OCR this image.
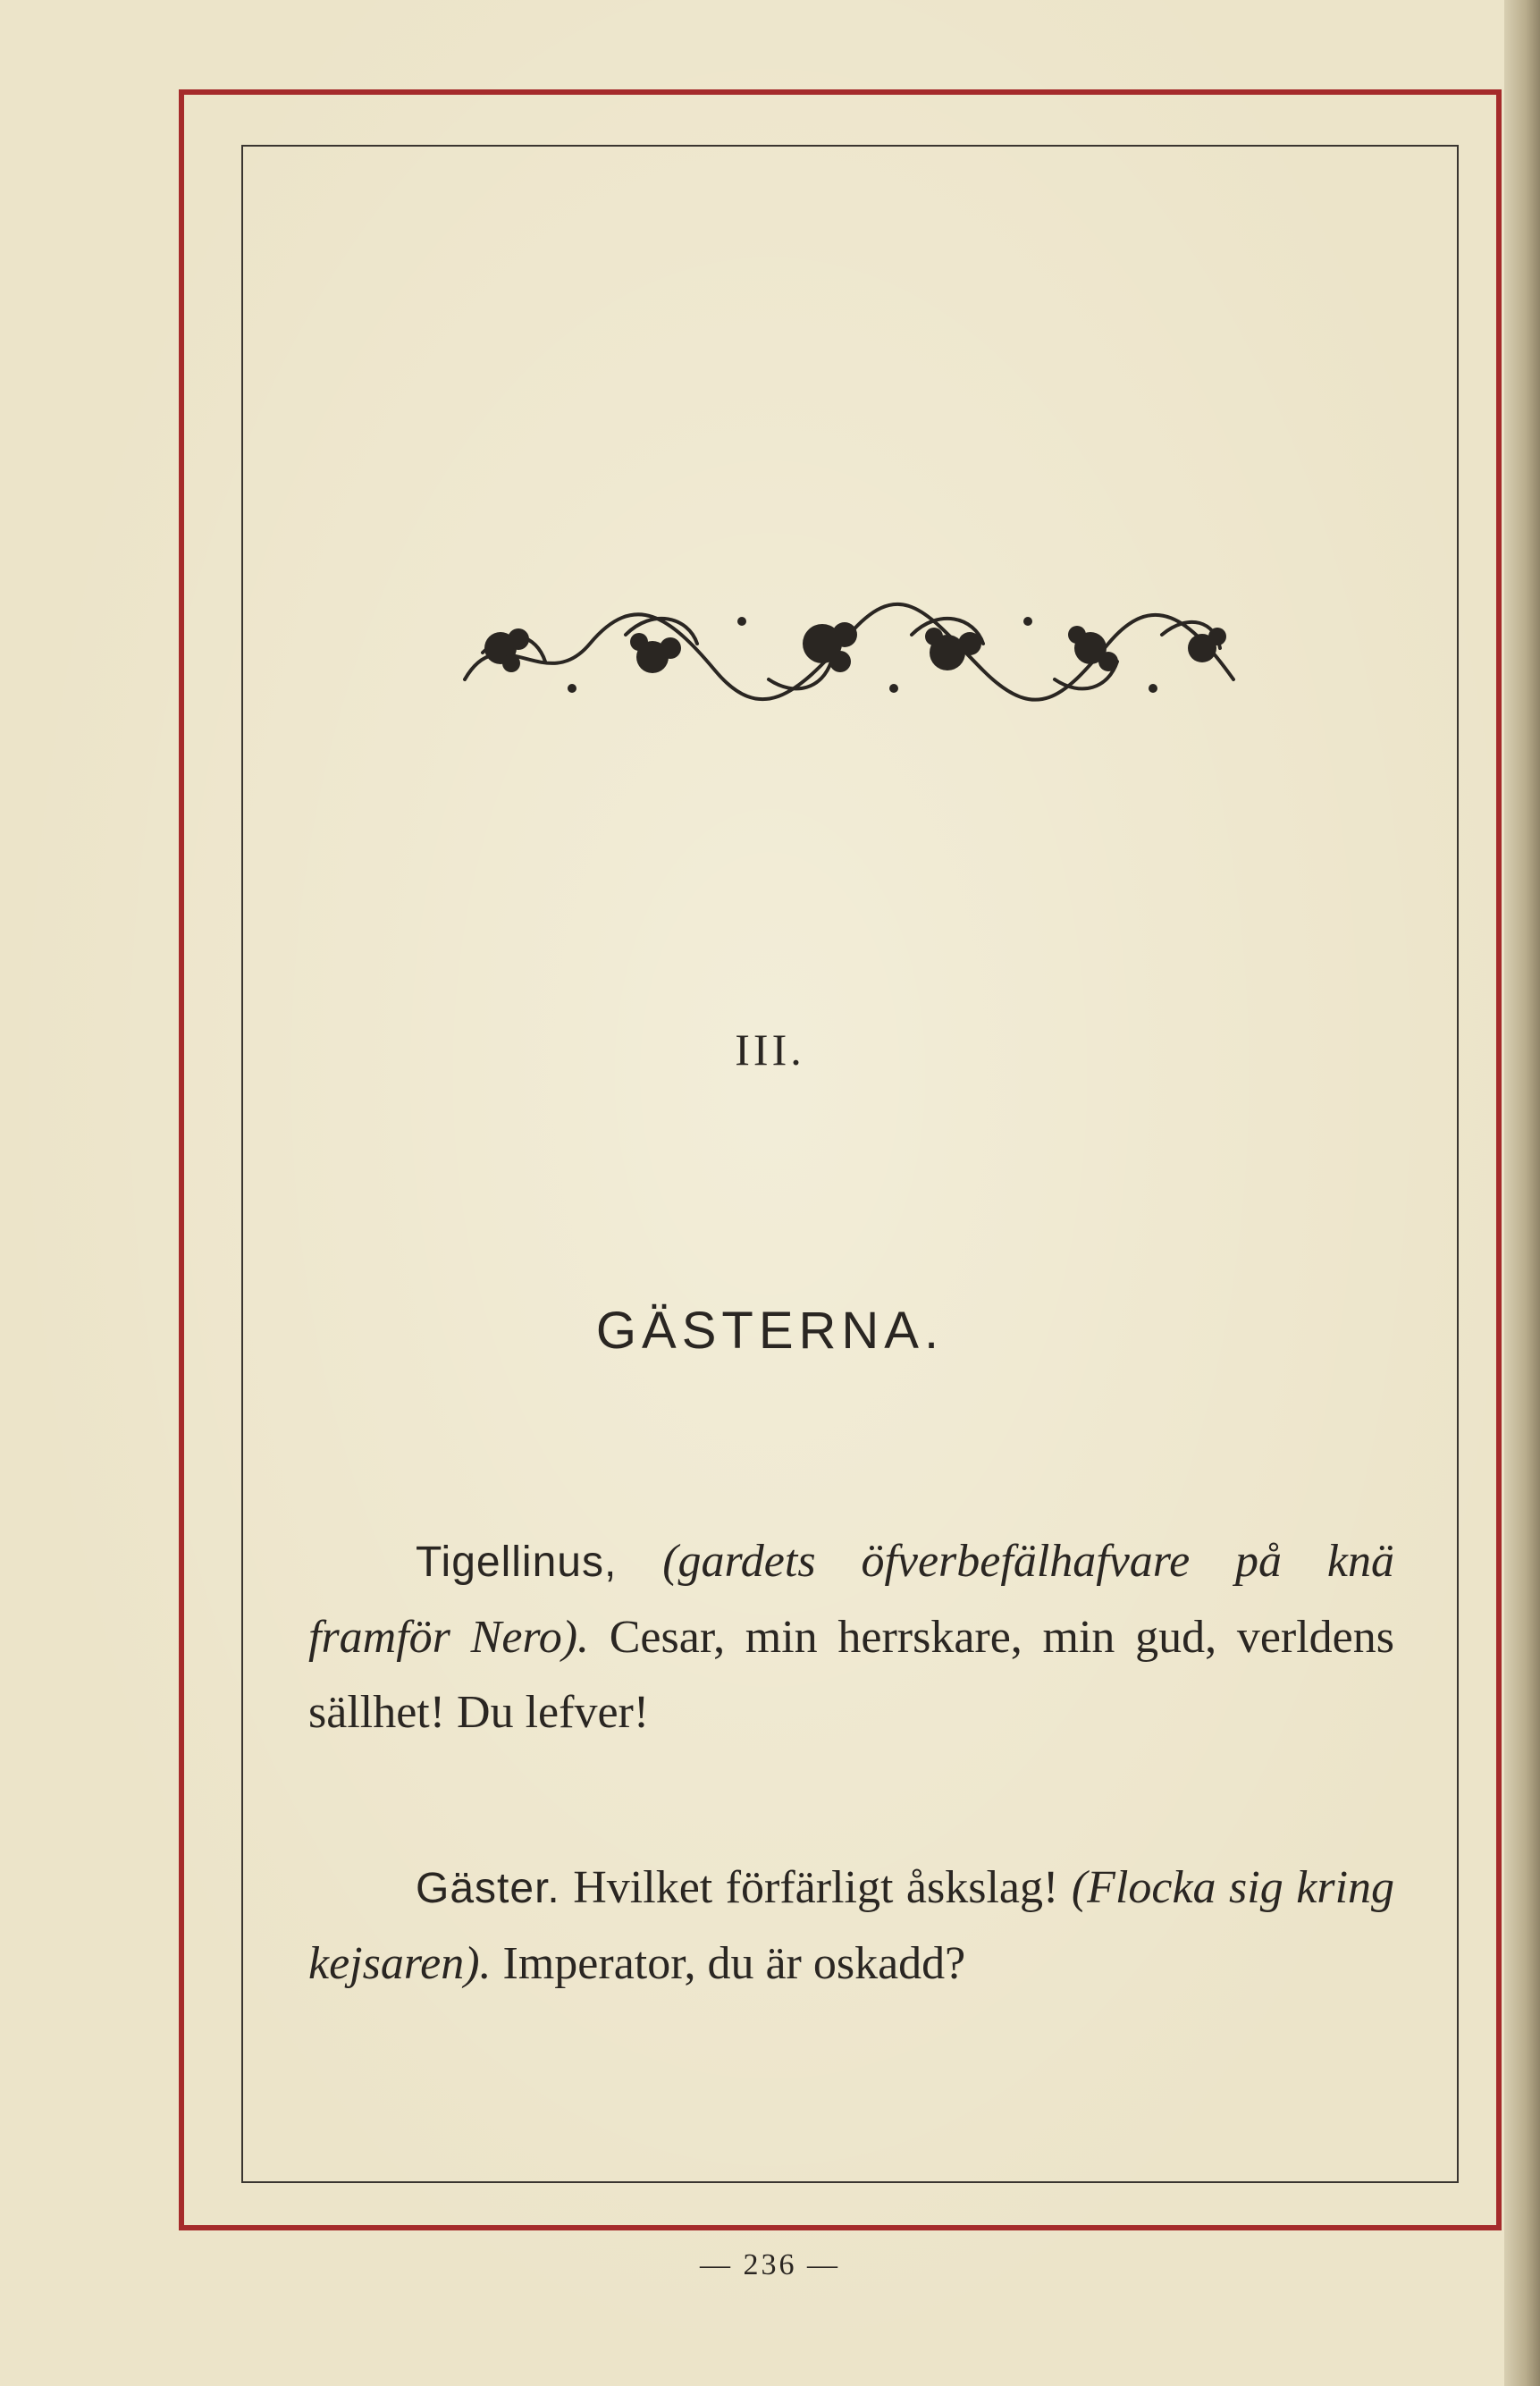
III.
GÄSTERNA.
Tigellinus, (gardets öfverbefälhafvare på knä framför Nero). Cesar, min herrskare, min gud, verldens sällhet! Du lefver!
Gäster. Hvilket förfärligt åskslag! (Flocka sig kring kejsaren). Imperator, du är oskadd?
— 236 —
